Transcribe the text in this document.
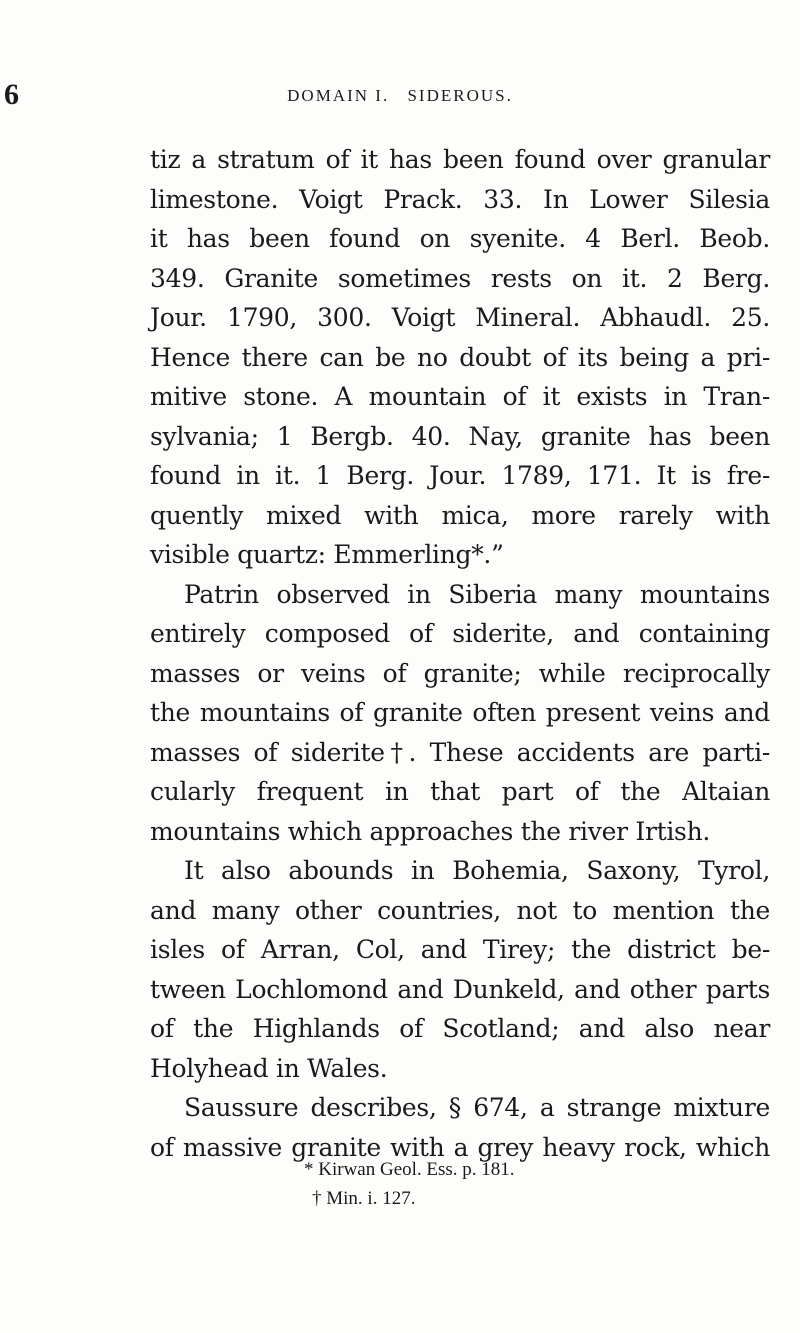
6	DOMAIN I. SIDEROUS.
tiz a stratum of it has been found over granular
limestone. Voigt Prack. 33. In Lower Silesia
it has been found on syenite. 4 Berl. Beob.
349. Granite sometimes rests on it. 2 Berg.
Jour. 1790, 300. Voigt Mineral. Abhaudl. 25.
Hence there can be no doubt of its being a pri-
mitive stone. A mountain of it exists in Tran-
sylvania; 1 Bergb. 40. Nay, granite has been
found in it. 1 Berg. Jour. 1789, 171. It is fre-
quently mixed with mica, more rarely with
visible quartz: Emmerling*.”
Patrin observed in Siberia many mountains
entirely composed of siderite, and containing
masses or veins of granite; while reciprocally
the mountains of granite often present veins and
masses of siderite†. These accidents are parti-
cularly frequent in that part of the Altaian
mountains which approaches the river Irtish.
It also abounds in Bohemia, Saxony, Tyrol,
and many other countries, not to mention the
isles of Arran, Col, and Tirey; the district be-
tween Lochlomond and Dunkeld, and other parts
of the Highlands of Scotland; and also near
Holyhead in Wales.
Saussure describes, § 674, a strange mixture
of massive granite with a grey heavy rock, which
* Kirwan Geol. Ess. p. 181.
† Min. i. 127.
